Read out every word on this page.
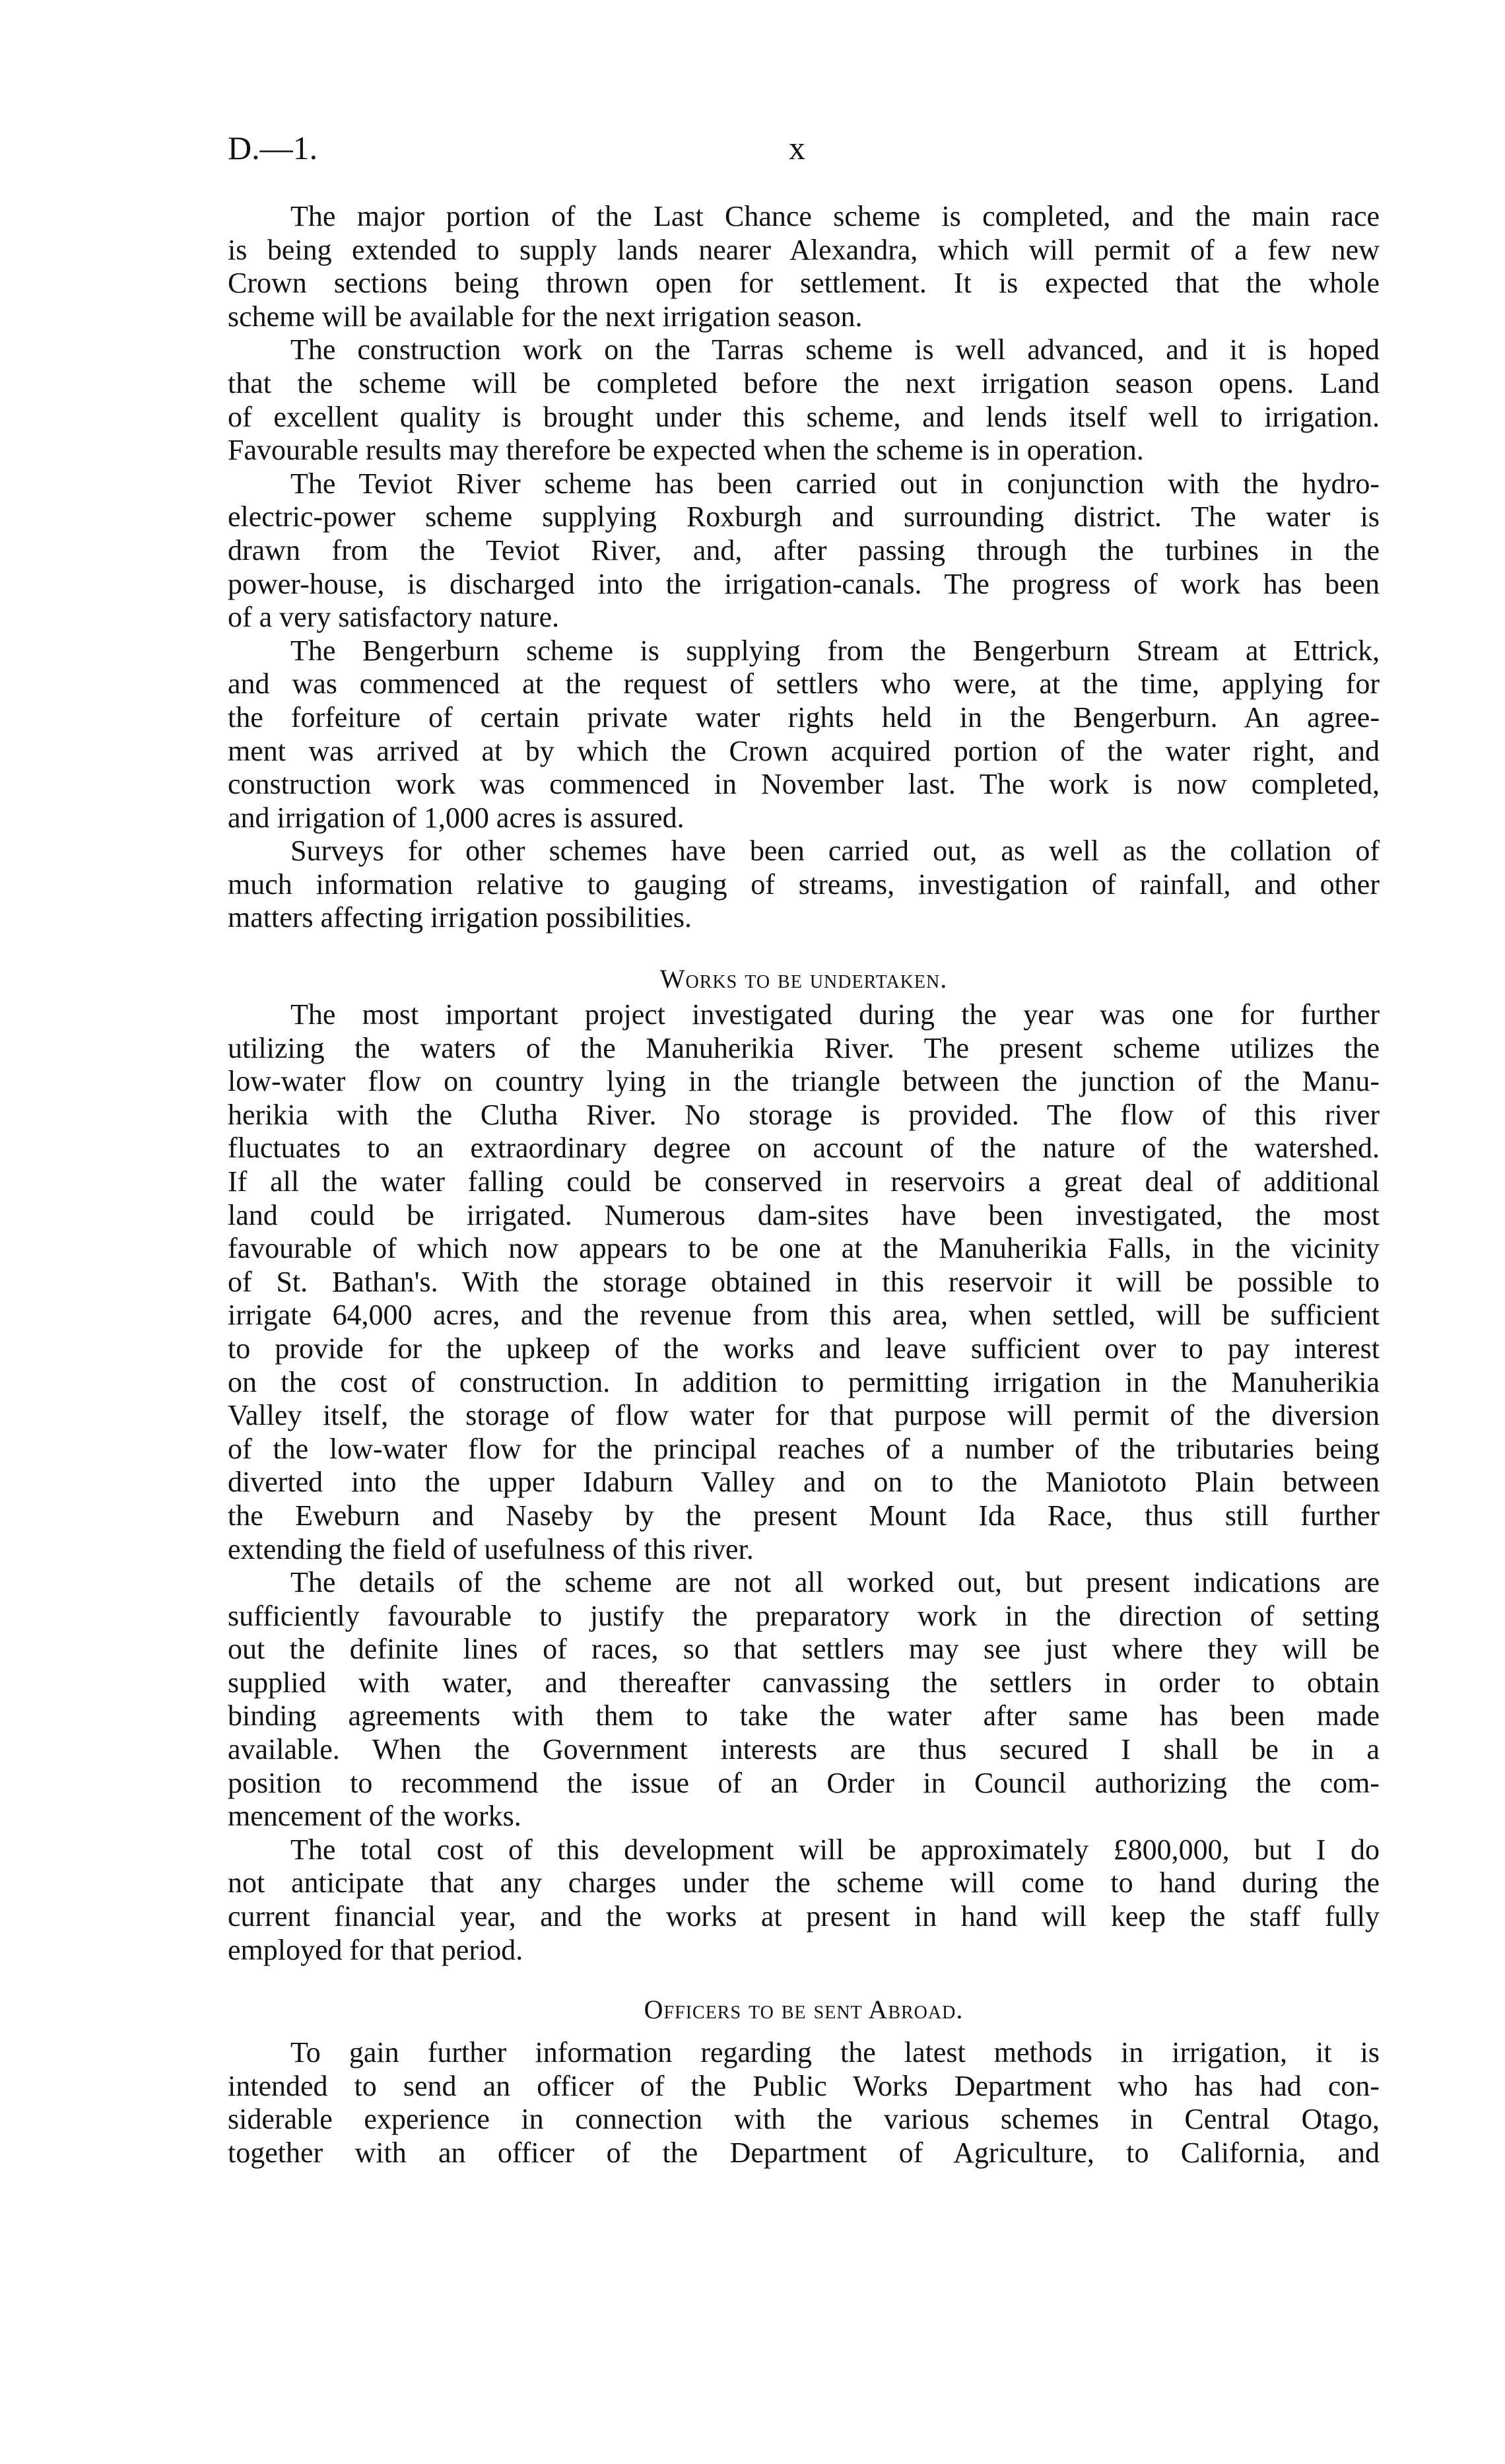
D.—1.	x
The major portion of the Last Chance scheme is completed, and the main race
is being extended to supply lands nearer Alexandra, which will permit of a few new
Crown sections being thrown open for settlement. It is expected that the whole
scheme will be available for the next irrigation season.
The construction work on the Tarras scheme is well advanced, and it is hoped
that the scheme will be completed before the next irrigation season opens. Land
of excellent quality is brought under this scheme, and lends itself well to irrigation.
Favourable results may therefore be expected when the scheme is in operation.
The Teviot River scheme has been carried out in conjunction with the hydro-
electric-power scheme supplying Roxburgh and surrounding district. The water is
drawn from the Teviot River, and, after passing through the turbines in the
power-house, is discharged into the irrigation-canals. The progress of work has been
of a very satisfactory nature.
The Bengerburn scheme is supplying from the Bengerburn Stream at Ettrick,
and was commenced at the request of settlers who were, at the time, applying for
the forfeiture of certain private water rights held in the Bengerburn. An agree-
ment was arrived at by which the Crown acquired portion of the water right, and
construction work was commenced in November last. The work is now completed,
and irrigation of 1,000 acres is assured.
Surveys for other schemes have been carried out, as well as the collation of
much information relative to gauging of streams, investigation of rainfall, and other
matters affecting irrigation possibilities.
Works to be undertaken.
The most important project investigated during the year was one for further
utilizing the waters of the Manuherikia River. The present scheme utilizes the
low-water flow on country lying in the triangle between the junction of the Manu-
herikia with the Clutha River. No storage is provided. The flow of this river
fluctuates to an extraordinary degree on account of the nature of the watershed.
If all the water falling could be conserved in reservoirs a great deal of additional
land could be irrigated. Numerous dam-sites have been investigated, the most
favourable of which now appears to be one at the Manuherikia Falls, in the vicinity
of St. Bathan's. With the storage obtained in this reservoir it will be possible to
irrigate 64,000 acres, and the revenue from this area, when settled, will be sufficient
to provide for the upkeep of the works and leave sufficient over to pay interest
on the cost of construction. In addition to permitting irrigation in the Manuherikia
Valley itself, the storage of flow water for that purpose will permit of the diversion
of the low-water flow for the principal reaches of a number of the tributaries being
diverted into the upper Idaburn Valley and on to the Maniototo Plain between
the Eweburn and Naseby by the present Mount Ida Race, thus still further
extending the field of usefulness of this river.
The details of the scheme are not all worked out, but present indications are
sufficiently favourable to justify the preparatory work in the direction of setting
out the definite lines of races, so that settlers may see just where they will be
supplied with water, and thereafter canvassing the settlers in order to obtain
binding agreements with them to take the water after same has been made
available. When the Government interests are thus secured I shall be in a
position to recommend the issue of an Order in Council authorizing the com-
mencement of the works.
The total cost of this development will be approximately £800,000, but I do
not anticipate that any charges under the scheme will come to hand during the
current financial year, and the works at present in hand will keep the staff fully
employed for that period.
Officers to be sent Abroad.
To gain further information regarding the latest methods in irrigation, it is
intended to send an officer of the Public Works Department who has had con-
siderable experience in connection with the various schemes in Central Otago,
together with an officer of the Department of Agriculture, to California, and
